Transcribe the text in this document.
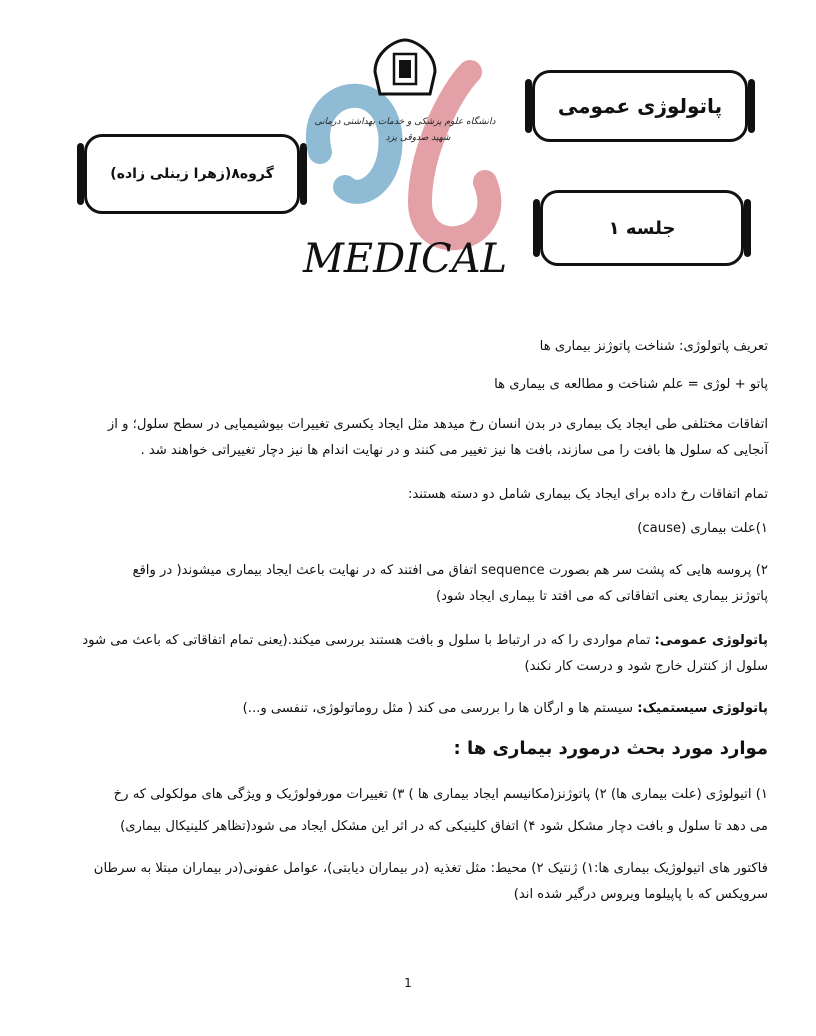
پاتولوژی عمومی
جلسه ۱
گروه۸(زهرا زینلی زاده)
دانشگاه علوم پزشکی و خدمات بهداشتی درمانی
شهید صدوقی یزد
MEDICAL
تعریف پاتولوژی: شناخت پاتوژنز بیماری ها
پاتو + لوژی = علم شناخت و مطالعه ی بیماری ها
اتفاقات مختلفی طی ایجاد یک بیماری در بدن انسان رخ میدهد مثل ایجاد یکسری تغییرات بیوشیمیایی در سطح سلول؛ و از
آنجایی که سلول ها بافت را می سازند، بافت ها نیز تغییر می کنند و در نهایت اندام ها نیز دچار تغییراتی خواهند شد .
تمام اتفاقات رخ داده برای ایجاد یک بیماری شامل دو دسته هستند:
۱)علت بیماری (cause)
۲) پروسه هایی که پشت سر هم بصورت sequence اتفاق می افتند که در نهایت باعث ایجاد بیماری میشوند( در واقع
پاتوژنز بیماری یعنی اتفاقاتی که می افتد تا بیماری ایجاد شود)
پاتولوژی عمومی: تمام مواردی را که در ارتباط با سلول و بافت هستند بررسی میکند.(یعنی تمام اتفاقاتی که باعث می شود
سلول از کنترل خارج شود و درست کار نکند)
پاتولوژی سیستمیک: سیستم ها و ارگان ها را بررسی می کند ( مثل روماتولوژی، تنفسی و...)
موارد مورد بحث درمورد بیماری ها :
۱) اتیولوژی (علت بیماری ها) ۲) پاتوژنز(مکانیسم ایجاد بیماری ها ) ۳) تغییرات مورفولوژیک و ویژگی های مولکولی که رخ
می دهد تا سلول و بافت دچار مشکل شود ۴) اتفاق کلینیکی که در اثر این مشکل ایجاد می شود(تظاهر کلینیکال بیماری)
فاکتور های اتیولوژیک بیماری ها:۱) ژنتیک ۲) محیط: مثل تغذیه (در بیماران دیابتی)، عوامل عفونی(در بیماران مبتلا به سرطان
سرویکس که با پاپیلوما ویروس درگیر شده اند)
1
